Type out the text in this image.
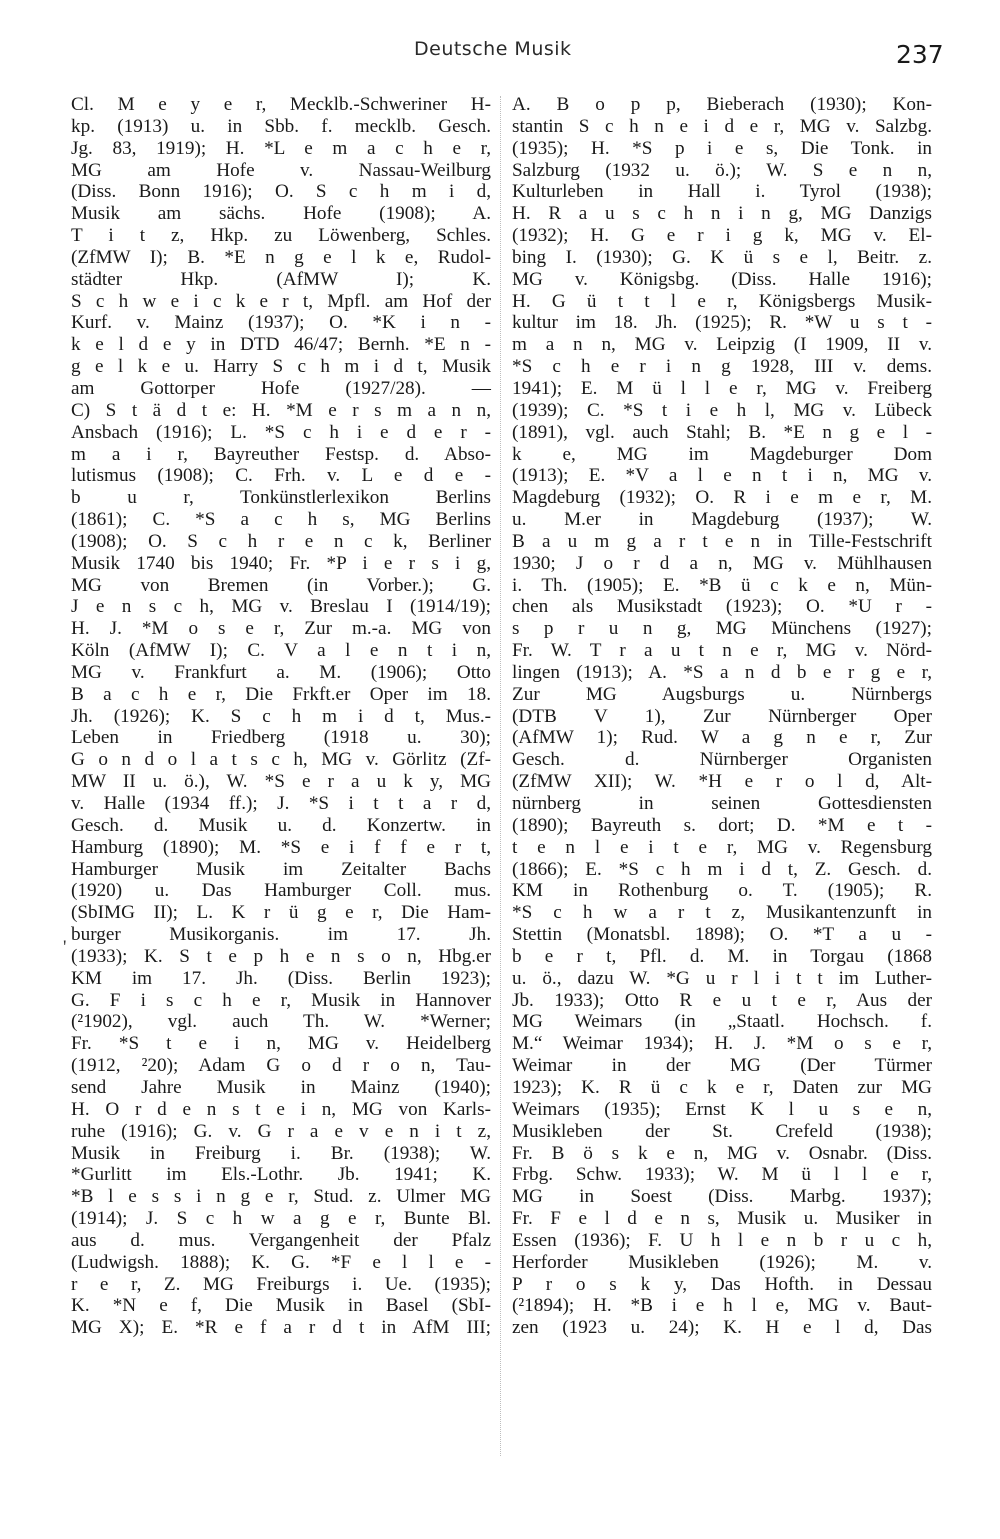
Deutsche Musik	237
'
Cl. M e y e r, Mecklb.-Schweriner H-
kp. (1913) u. in Sbb. f. mecklb. Gesch.
Jg. 83, 1919); H. *L e m a c h e r,
MG am Hofe v. Nassau-Weilburg
(Diss. Bonn 1916); O. S c h m i d,
Musik am sächs. Hofe (1908); A.
T i t z, Hkp. zu Löwenberg, Schles.
(ZfMW I); B. *E n g e l k e, Rudol-
städter Hkp. (AfMW I); K.
S c h w e i c k e r t, Mpfl. am Hof der
Kurf. v. Mainz (1937); O. *K i n -
k e l d e y in DTD 46/47; Bernh. *E n -
g e l k e u. Harry S c h m i d t, Musik
am Gottorper Hofe (1927/28). —
C) S t ä d t e: H. *M e r s m a n n,
Ansbach (1916); L. *S c h i e d e r -
m a i r, Bayreuther Festsp. d. Abso-
lutismus (1908); C. Frh. v. L e d e -
b u r, Tonkünstlerlexikon Berlins
(1861); C. *S a c h s, MG Berlins
(1908); O. S c h r e n c k, Berliner
Musik 1740 bis 1940; Fr. *P i e r s i g,
MG von Bremen (in Vorber.); G.
J e n s c h, MG v. Breslau I (1914/19);
H. J. *M o s e r, Zur m.-a. MG von
Köln (AfMW I); C. V a l e n t i n,
MG v. Frankfurt a. M. (1906); Otto
B a c h e r, Die Frkft.er Oper im 18.
Jh. (1926); K. S c h m i d t, Mus.-
Leben in Friedberg (1918 u. 30);
G o n d o l a t s c h, MG v. Görlitz (Zf-
MW II u. ö.), W. *S e r a u k y, MG
v. Halle (1934 ff.); J. *S i t t a r d,
Gesch. d. Musik u. d. Konzertw. in
Hamburg (1890); M. *S e i f f e r t,
Hamburger Musik im Zeitalter Bachs
(1920) u. Das Hamburger Coll. mus.
(SbIMG II); L. K r ü g e r, Die Ham-
burger Musikorganis. im 17. Jh.
(1933); K. S t e p h e n s o n, Hbg.er
KM im 17. Jh. (Diss. Berlin 1923);
G. F i s c h e r, Musik in Hannover
(²1902), vgl. auch Th. W. *Werner;
Fr. *S t e i n, MG v. Heidelberg
(1912, ²20); Adam G o d r o n, Tau-
send Jahre Musik in Mainz (1940);
H. O r d e n s t e i n, MG von Karls-
ruhe (1916); G. v. G r a e v e n i t z,
Musik in Freiburg i. Br. (1938); W.
*Gurlitt im Els.-Lothr. Jb. 1941; K.
*B l e s s i n g e r, Stud. z. Ulmer MG
(1914); J. S c h w a g e r, Bunte Bl.
aus d. mus. Vergangenheit der Pfalz
(Ludwigsh. 1888); K. G. *F e l l e -
r e r, Z. MG Freiburgs i. Ue. (1935);
K. *N e f, Die Musik in Basel (SbI-
MG X); E. *R e f a r d t in AfM III;
A. B o p p, Bieberach (1930); Kon-
stantin S c h n e i d e r, MG v. Salzbg.
(1935); H. *S p i e s, Die Tonk. in
Salzburg (1932 u. ö.); W. S e n n,
Kulturleben in Hall i. Tyrol (1938);
H. R a u s c h n i n g, MG Danzigs
(1932); H. G e r i g k, MG v. El-
bing I. (1930); G. K ü s e l, Beitr. z.
MG v. Königsbg. (Diss. Halle 1916);
H. G ü t t l e r, Königsbergs Musik-
kultur im 18. Jh. (1925); R. *W u s t -
m a n n, MG v. Leipzig (I 1909, II v.
*S c h e r i n g 1928, III v. dems.
1941); E. M ü l l e r, MG v. Freiberg
(1939); C. *S t i e h l, MG v. Lübeck
(1891), vgl. auch Stahl; B. *E n g e l -
k e, MG im Magdeburger Dom
(1913); E. *V a l e n t i n, MG v.
Magdeburg (1932); O. R i e m e r, M.
u. M.er in Magdeburg (1937); W.
B a u m g a r t e n in Tille-Festschrift
1930; J o r d a n, MG v. Mühlhausen
i. Th. (1905); E. *B ü c k e n, Mün-
chen als Musikstadt (1923); O. *U r -
s p r u n g, MG Münchens (1927);
Fr. W. T r a u t n e r, MG v. Nörd-
lingen (1913); A. *S a n d b e r g e r,
Zur MG Augsburgs u. Nürnbergs
(DTB V 1), Zur Nürnberger Oper
(AfMW 1); Rud. W a g n e r, Zur
Gesch. d. Nürnberger Organisten
(ZfMW XII); W. *H e r o l d, Alt-
nürnberg in seinen Gottesdiensten
(1890); Bayreuth s. dort; D. *M e t -
t e n l e i t e r, MG v. Regensburg
(1866); E. *S c h m i d t, Z. Gesch. d.
KM in Rothenburg o. T. (1905); R.
*S c h w a r t z, Musikantenzunft in
Stettin (Monatsbl. 1898); O. *T a u -
b e r t, Pfl. d. M. in Torgau (1868
u. ö., dazu W. *G u r l i t t im Luther-
Jb. 1933); Otto R e u t e r, Aus der
MG Weimars (in „Staatl. Hochsch. f.
M.“ Weimar 1934); H. J. *M o s e r,
Weimar in der MG (Der Türmer
1923); K. R ü c k e r, Daten zur MG
Weimars (1935); Ernst K l u s e n,
Musikleben der St. Crefeld (1938);
Fr. B ö s k e n, MG v. Osnabr. (Diss.
Frbg. Schw. 1933); W. M ü l l e r,
MG in Soest (Diss. Marbg. 1937);
Fr. F e l d e n s, Musik u. Musiker in
Essen (1936); F. U h l e n b r u c h,
Herforder Musikleben (1926); M. v.
P r o s k y, Das Hofth. in Dessau
(²1894); H. *B i e h l e, MG v. Baut-
zen (1923 u. 24); K. H e l d, Das
